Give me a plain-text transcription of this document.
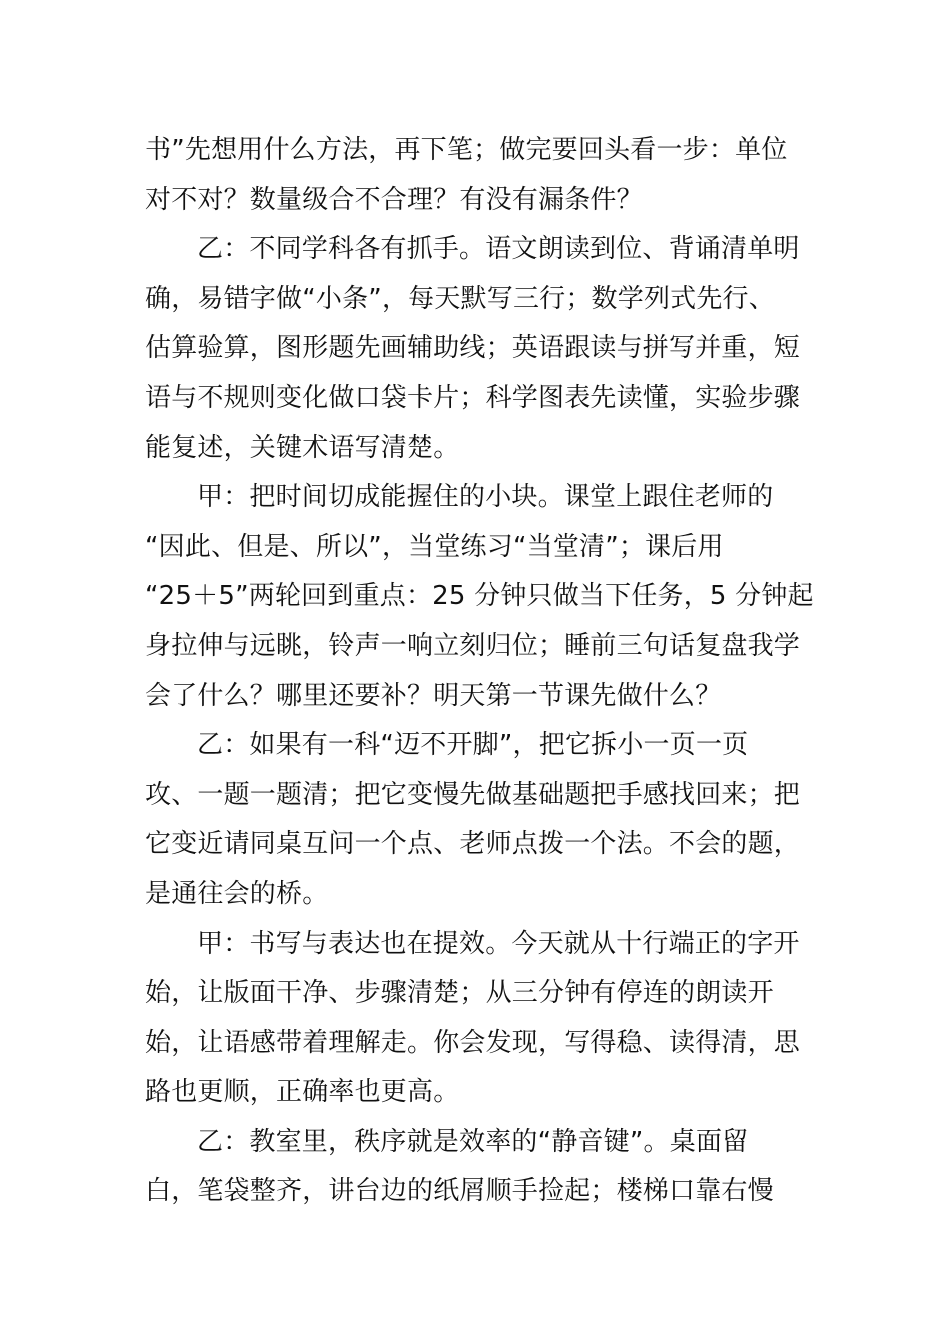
书”先想用什么方法，再下笔；做完要回头看一步：单位
对不对？数量级合不合理？有没有漏条件？
乙：不同学科各有抓手。语文朗读到位、背诵清单明
确，易错字做“小条”，每天默写三行；数学列式先行、
估算验算，图形题先画辅助线；英语跟读与拼写并重，短
语与不规则变化做口袋卡片；科学图表先读懂，实验步骤
能复述，关键术语写清楚。
甲：把时间切成能握住的小块。课堂上跟住老师的
“因此、但是、所以”，当堂练习“当堂清”；课后用
“25＋5”两轮回到重点：25 分钟只做当下任务，5 分钟起
身拉伸与远眺，铃声一响立刻归位；睡前三句话复盘我学
会了什么？哪里还要补？明天第一节课先做什么？
乙：如果有一科“迈不开脚”，把它拆小一页一页
攻、一题一题清；把它变慢先做基础题把手感找回来；把
它变近请同桌互问一个点、老师点拨一个法。不会的题，
是通往会的桥。
甲：书写与表达也在提效。今天就从十行端正的字开
始，让版面干净、步骤清楚；从三分钟有停连的朗读开
始，让语感带着理解走。你会发现，写得稳、读得清，思
路也更顺，正确率也更高。
乙：教室里，秩序就是效率的“静音键”。桌面留
白，笔袋整齐，讲台边的纸屑顺手捡起；楼梯口靠右慢
